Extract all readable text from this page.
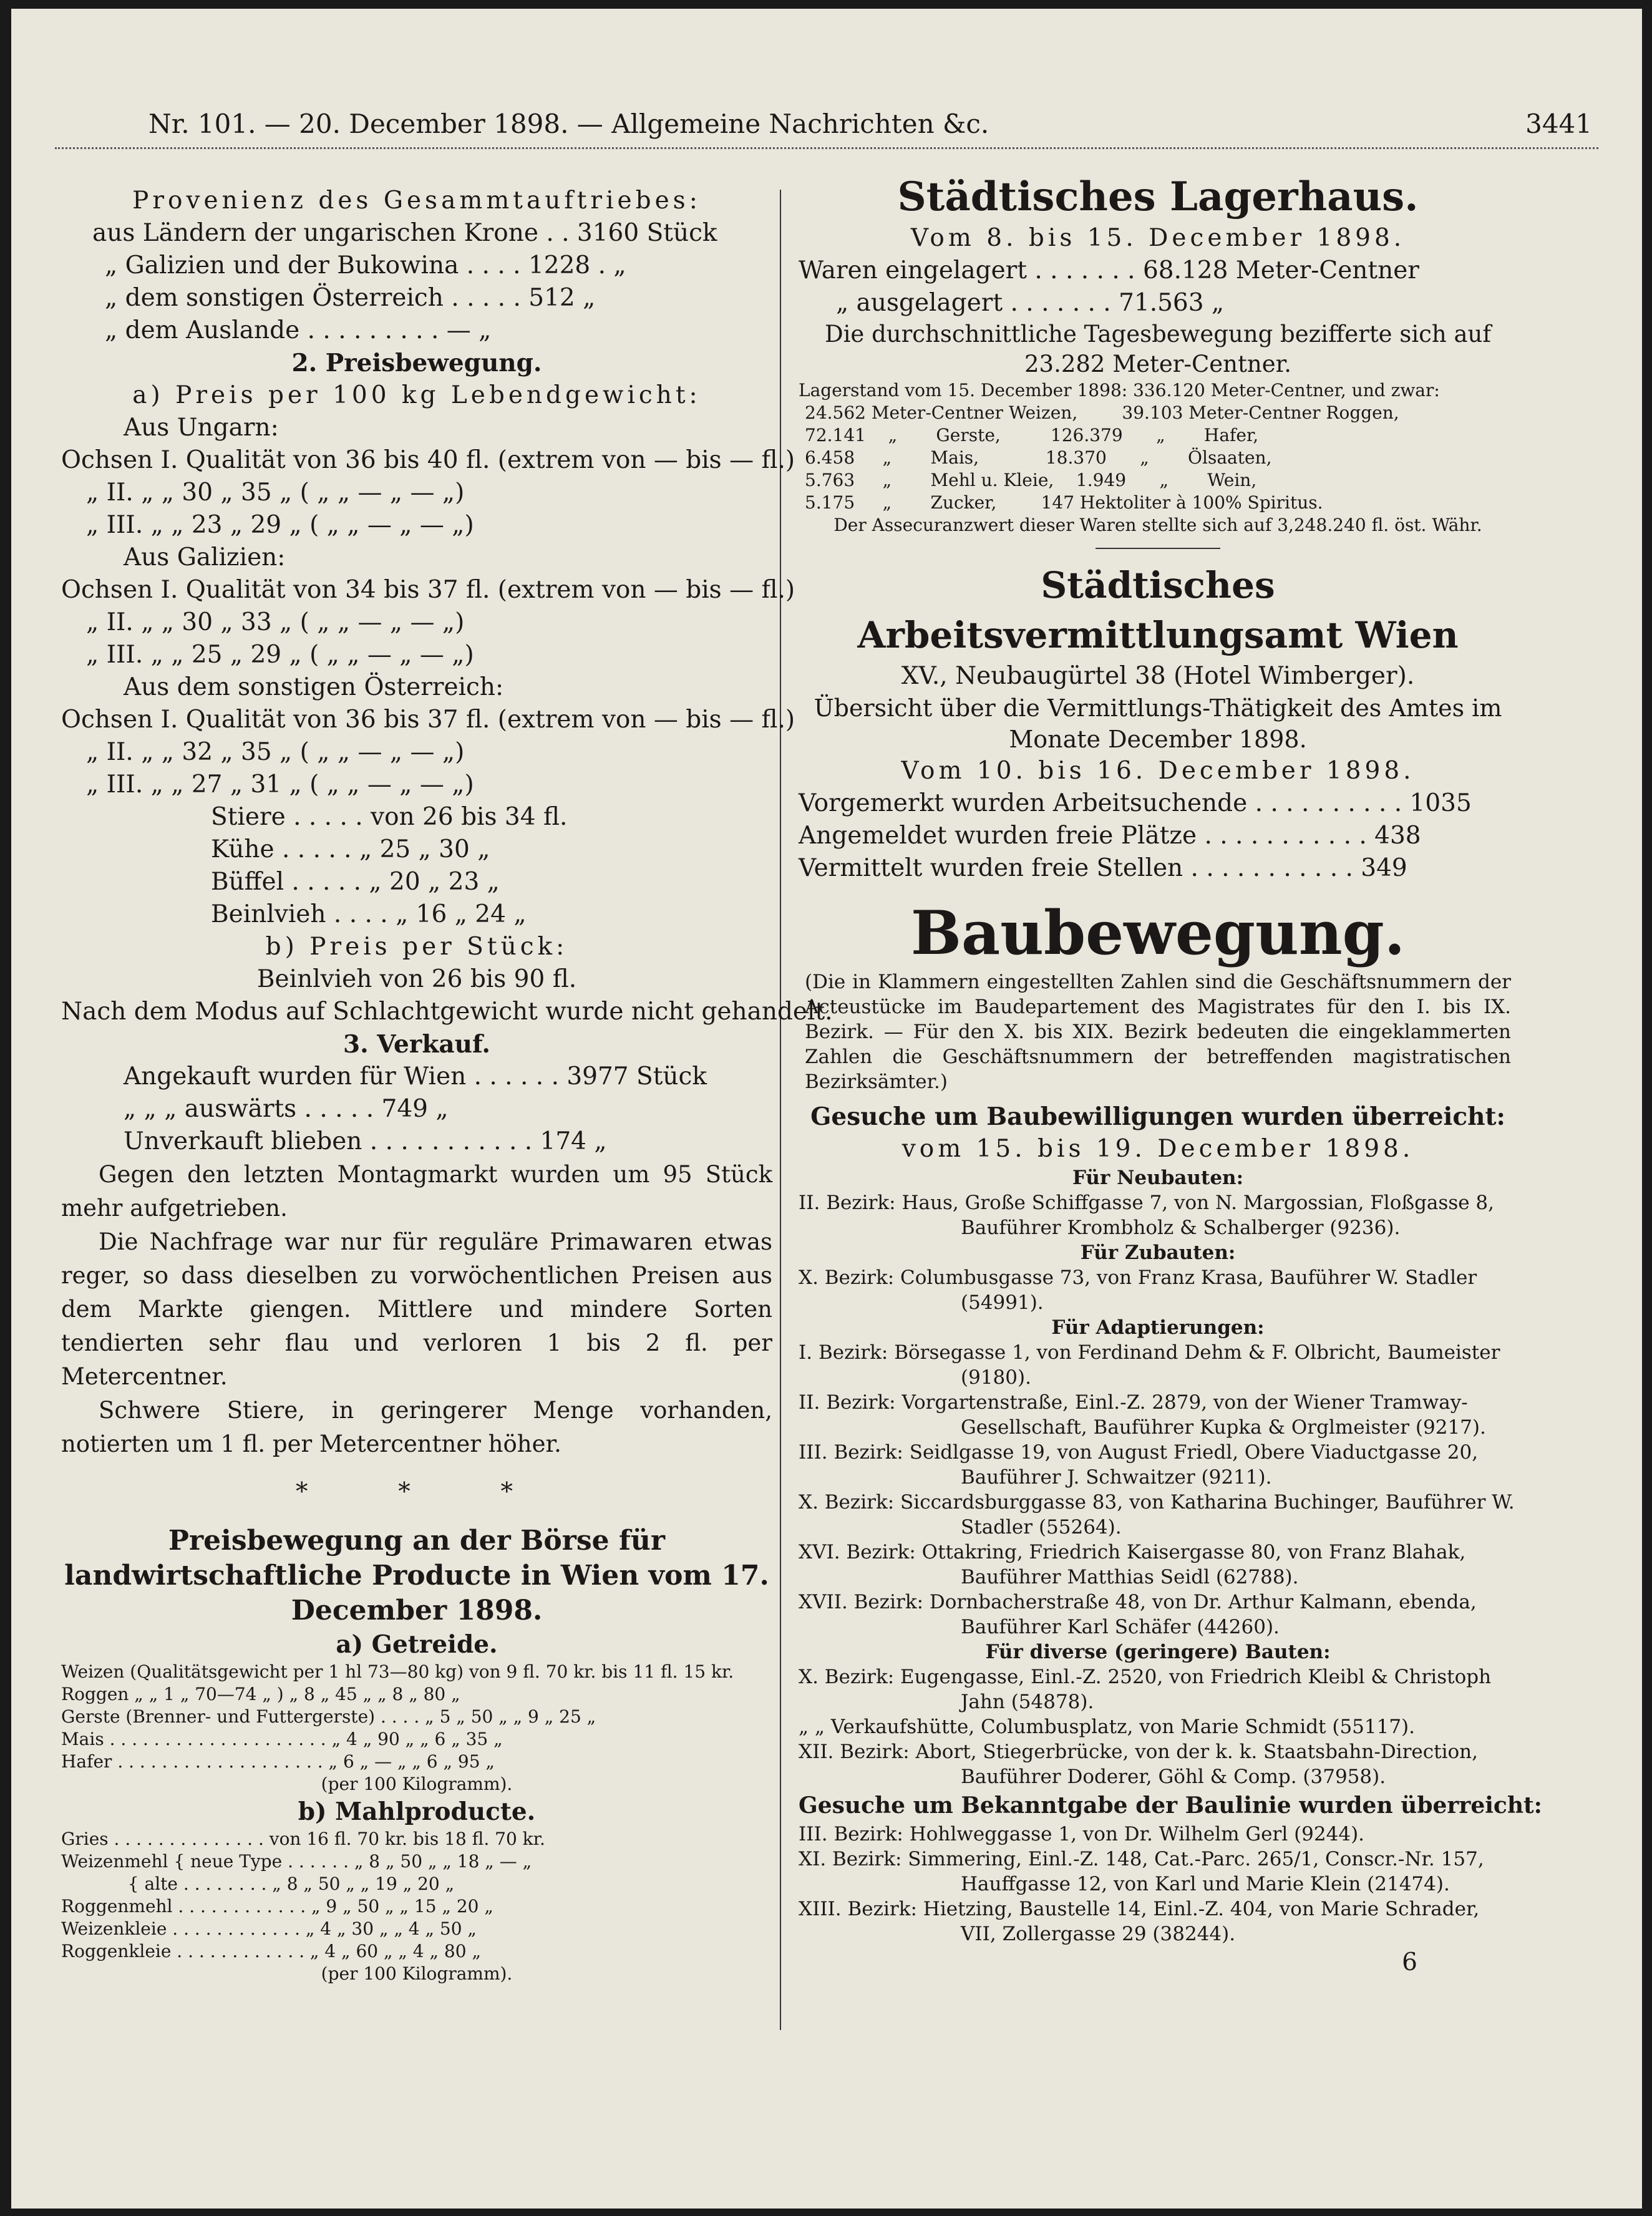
Nr. 101. — 20. December 1898. — Allgemeine Nachrichten &c.	3441
Provenienz des Gesammtauftriebes:
aus Ländern der ungarischen Krone . . 3160 Stück
„ Galizien und der Bukowina . . . . 1228 . „
„ dem sonstigen Österreich . . . . . 512 „
„ dem Auslande . . . . . . . . . — „
2. Preisbewegung.
a) Preis per 100 kg Lebendgewicht:
Aus Ungarn:
Ochsen I. Qualität von 36 bis 40 fl. (extrem von — bis — fl.)
„ II. „ „ 30 „ 35 „ ( „ „ — „ — „)
„ III. „ „ 23 „ 29 „ ( „ „ — „ — „)
Aus Galizien:
Ochsen I. Qualität von 34 bis 37 fl. (extrem von — bis — fl.)
„ II. „ „ 30 „ 33 „ ( „ „ — „ — „)
„ III. „ „ 25 „ 29 „ ( „ „ — „ — „)
Aus dem sonstigen Österreich:
Ochsen I. Qualität von 36 bis 37 fl. (extrem von — bis — fl.)
„ II. „ „ 32 „ 35 „ ( „ „ — „ — „)
„ III. „ „ 27 „ 31 „ ( „ „ — „ — „)
Stiere . . . . . von 26 bis 34 fl.
Kühe . . . . . „ 25 „ 30 „
Büffel . . . . . „ 20 „ 23 „
Beinlvieh . . . . „ 16 „ 24 „
b) Preis per Stück:
Beinlvieh von 26 bis 90 fl.
Nach dem Modus auf Schlachtgewicht wurde nicht gehandelt.
3. Verkauf.
Angekauft wurden für Wien . . . . . . 3977 Stück
„ „ „ auswärts . . . . . 749 „
Unverkauft blieben . . . . . . . . . . . 174 „

Gegen den letzten Montagmarkt wurden um 95 Stück mehr aufgetrieben.

Die Nachfrage war nur für reguläre Primawaren etwas reger, so dass dieselben zu vorwöchentlichen Preisen aus dem Markte giengen. Mittlere und mindere Sorten tendierten sehr flau und verloren 1 bis 2 fl. per Metercentner.

Schwere Stiere, in geringerer Menge vorhanden, notierten um 1 fl. per Metercentner höher.

*  *  *
Preisbewegung an der Börse für landwirtschaftliche Producte in Wien vom 17. December 1898.
a) Getreide.
Weizen (Qualitätsgewicht per 1 hl 73—80 kg) von 9 fl. 70 kr. bis 11 fl. 15 kr.
Roggen „ „ 1 „ 70—74 „ ) „ 8 „ 45 „ „ 8 „ 80 „
Gerste (Brenner- und Futtergerste) . . . . „ 5 „ 50 „ „ 9 „ 25 „
Mais . . . . . . . . . . . . . . . . . . . . „ 4 „ 90 „ „ 6 „ 35 „
Hafer . . . . . . . . . . . . . . . . . . . „ 6 „ — „ „ 6 „ 95 „
(per 100 Kilogramm).
b) Mahlproducte.
Gries . . . . . . . . . . . . . . von 16 fl. 70 kr. bis 18 fl. 70 kr.
Weizenmehl { neue Type . . . . . . „ 8 „ 50 „ „ 18 „ — „
{ alte . . . . . . . . „ 8 „ 50 „ „ 19 „ 20 „
Roggenmehl . . . . . . . . . . . . „ 9 „ 50 „ „ 15 „ 20 „
Weizenkleie . . . . . . . . . . . . „ 4 „ 30 „ „ 4 „ 50 „
Roggenkleie . . . . . . . . . . . . „ 4 „ 60 „ „ 4 „ 80 „
(per 100 Kilogramm).
Städtisches Lagerhaus.
Vom 8. bis 15. December 1898.
Waren eingelagert . . . . . . . 68.128 Meter-Centner
„ ausgelagert . . . . . . . 71.563 „
Die durchschnittliche Tagesbewegung bezifferte sich auf 23.282 Meter-Centner.
Lagerstand vom 15. December 1898: 336.120 Meter-Centner, und zwar:
24.562 Meter-Centner Weizen,        39.103 Meter-Centner Roggen,
72.141    „       Gerste,         126.379      „       Hafer,
6.458     „       Mais,            18.370      „       Ölsaaten,
5.763     „       Mehl u. Kleie,    1.949      „       Wein,
5.175     „       Zucker,        147 Hektoliter à 100% Spiritus.
Der Assecuranzwert dieser Waren stellte sich auf 3,248.240 fl. öst. Währ.
Städtisches Arbeitsvermittlungsamt Wien
XV., Neubaugürtel 38 (Hotel Wimberger).
Übersicht über die Vermittlungs-Thätigkeit des Amtes im Monate December 1898.
Vom 10. bis 16. December 1898.
Vorgemerkt wurden Arbeitsuchende . . . . . . . . . . 1035
Angemeldet wurden freie Plätze . . . . . . . . . . . 438
Vermittelt wurden freie Stellen . . . . . . . . . . . 349
Baubewegung.
(Die in Klammern eingestellten Zahlen sind die Geschäftsnummern der Acteustücke im Baudepartement des Magistrates für den I. bis IX. Bezirk. — Für den X. bis XIX. Bezirk bedeuten die eingeklammerten Zahlen die Geschäftsnummern der betreffenden magistratischen Bezirksämter.)
Gesuche um Baubewilligungen wurden überreicht:
vom 15. bis 19. December 1898.
Für Neubauten:
II. Bezirk: Haus, Große Schiffgasse 7, von N. Margossian, Floßgasse 8, Bauführer Krombholz & Schalberger (9236).
Für Zubauten:
X. Bezirk: Columbusgasse 73, von Franz Krasa, Bauführer W. Stadler (54991).
Für Adaptierungen:
I. Bezirk: Börsegasse 1, von Ferdinand Dehm & F. Olbricht, Baumeister (9180).
II. Bezirk: Vorgartenstraße, Einl.-Z. 2879, von der Wiener Tramway-Gesellschaft, Bauführer Kupka & Orglmeister (9217).
III. Bezirk: Seidlgasse 19, von August Friedl, Obere Viaductgasse 20, Bauführer J. Schwaitzer (9211).
X. Bezirk: Siccardsburggasse 83, von Katharina Buchinger, Bauführer W. Stadler (55264).
XVI. Bezirk: Ottakring, Friedrich Kaisergasse 80, von Franz Blahak, Bauführer Matthias Seidl (62788).
XVII. Bezirk: Dornbacherstraße 48, von Dr. Arthur Kalmann, ebenda, Bauführer Karl Schäfer (44260).
Für diverse (geringere) Bauten:
X. Bezirk: Eugengasse, Einl.-Z. 2520, von Friedrich Kleibl & Christoph Jahn (54878).
„ „ Verkaufshütte, Columbusplatz, von Marie Schmidt (55117).
XII. Bezirk: Abort, Stiegerbrücke, von der k. k. Staatsbahn-Direction, Bauführer Doderer, Göhl & Comp. (37958).
Gesuche um Bekanntgabe der Baulinie wurden überreicht:
III. Bezirk: Hohlweggasse 1, von Dr. Wilhelm Gerl (9244).
XI. Bezirk: Simmering, Einl.-Z. 148, Cat.-Parc. 265/1, Conscr.-Nr. 157, Hauffgasse 12, von Karl und Marie Klein (21474).
XIII. Bezirk: Hietzing, Baustelle 14, Einl.-Z. 404, von Marie Schrader, VII, Zollergasse 29 (38244).
6
